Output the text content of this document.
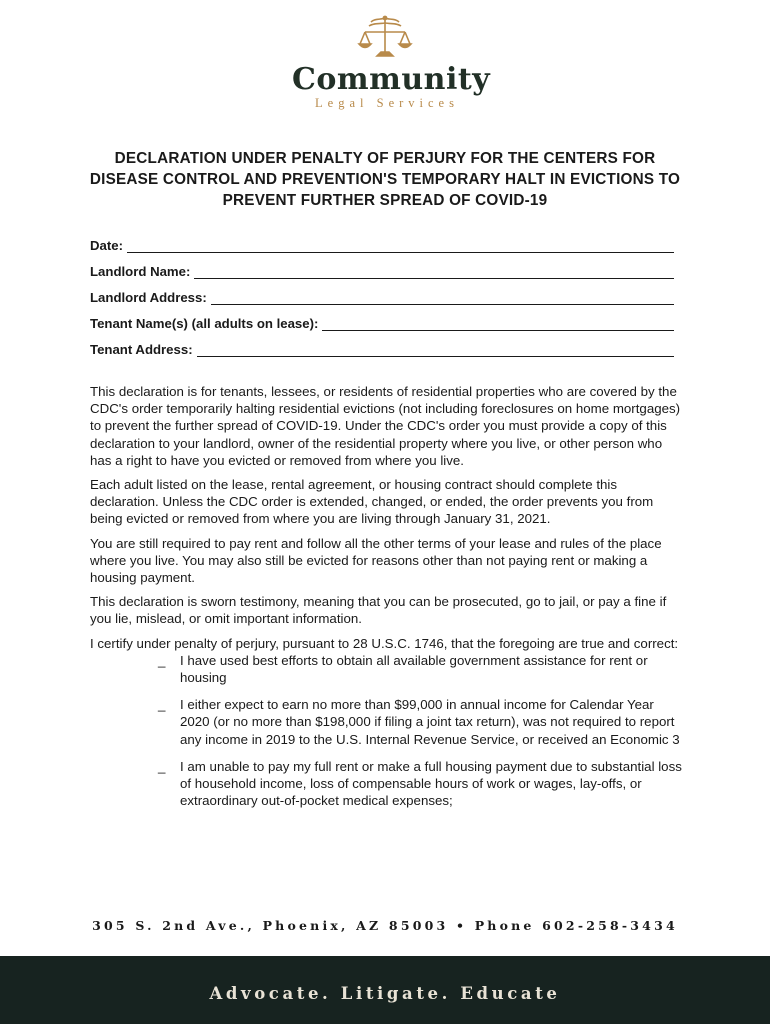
Community
Legal Services
DECLARATION UNDER PENALTY OF PERJURY FOR THE CENTERS FOR DISEASE CONTROL AND PREVENTION'S TEMPORARY HALT IN EVICTIONS TO PREVENT FURTHER SPREAD OF COVID-19
Date:
Landlord Name:
Landlord Address:
Tenant Name(s) (all adults on lease):
Tenant Address:

This declaration is for tenants, lessees, or residents of residential properties who are covered by the CDC's order temporarily halting residential evictions (not including foreclosures on home mortgages) to prevent the further spread of COVID-19. Under the CDC's order you must provide a copy of this declaration to your landlord, owner of the residential property where you live, or other person who has a right to have you evicted or removed from where you live.

Each adult listed on the lease, rental agreement, or housing contract should complete this declaration. Unless the CDC order is extended, changed, or ended, the order prevents you from being evicted or removed from where you are living through January 31, 2021.

You are still required to pay rent and follow all the other terms of your lease and rules of the place where you live. You may also still be evicted for reasons other than not paying rent or making a housing payment.

This declaration is sworn testimony, meaning that you can be prosecuted, go to jail, or pay a fine if you lie, mislead, or omit important information.

I certify under penalty of perjury, pursuant to 28 U.S.C. 1746, that the foregoing are true and correct:

_ I have used best efforts to obtain all available government assistance for rent or housing
_ I either expect to earn no more than $99,000 in annual income for Calendar Year 2020 (or no more than $198,000 if filing a joint tax return), was not required to report any income in 2019 to the U.S. Internal Revenue Service, or received an Economic 3
_ I am unable to pay my full rent or make a full housing payment due to substantial loss of household income, loss of compensable hours of work or wages, lay-offs, or extraordinary out-of-pocket medical expenses;
305 S. 2nd Ave., Phoenix, AZ 85003 • Phone 602-258-3434
Advocate. Litigate. Educate
